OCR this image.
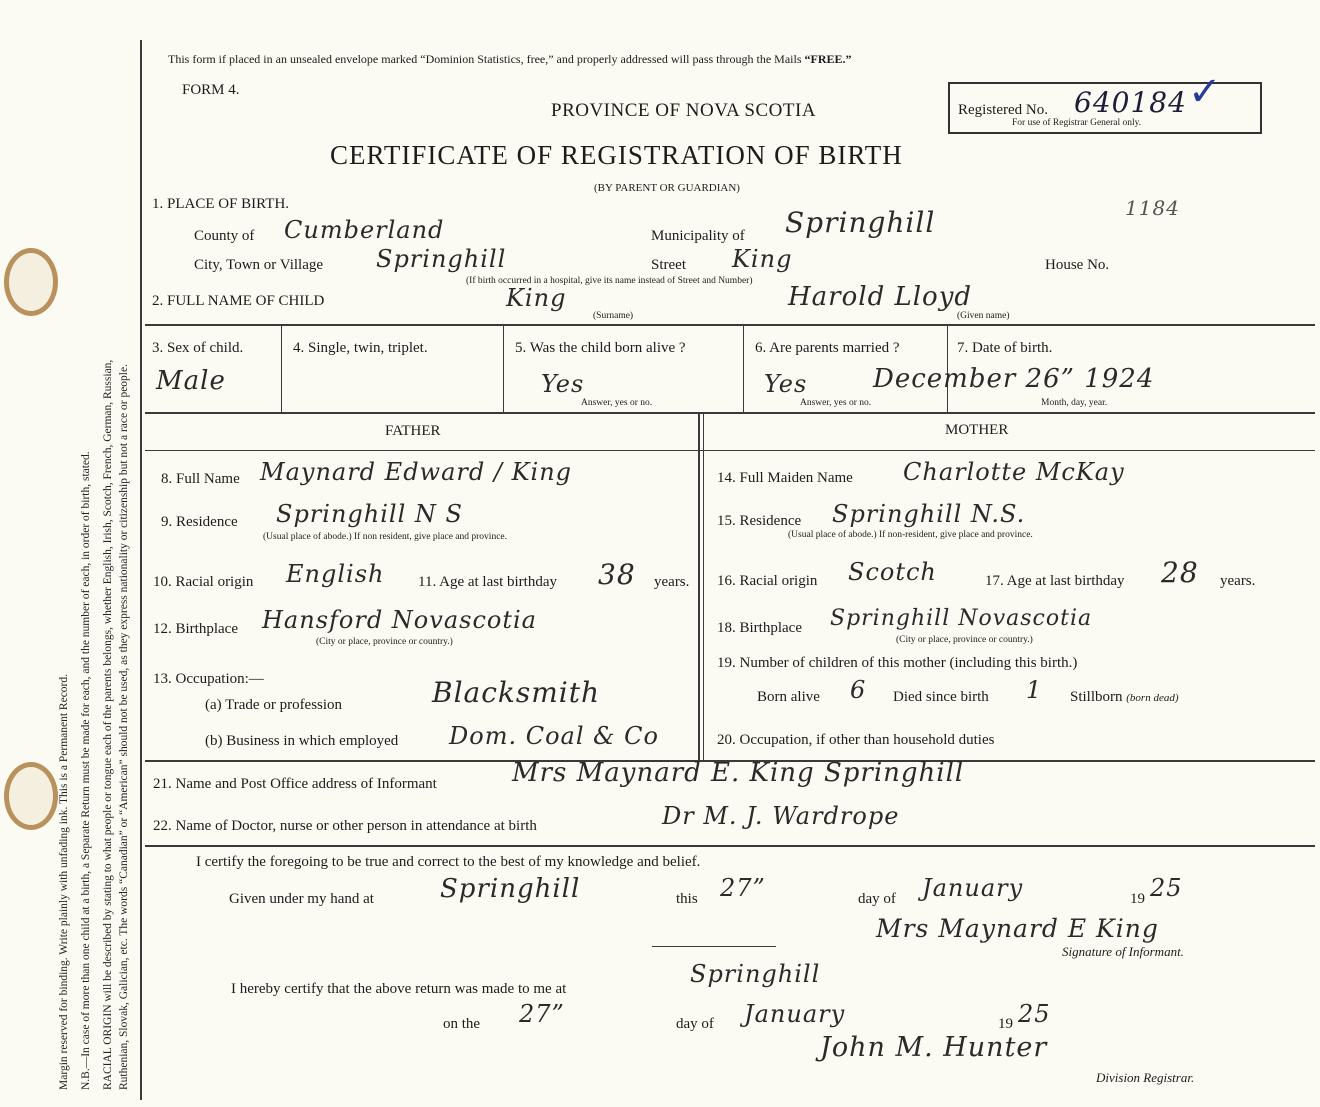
Margin reserved for binding. Write plainly with unfading ink. This is a Permanent Record. N.B.—In case of more than one child at a birth, a Separate Return must be made for each, and the number of each, in order of birth, stated. RACIAL ORIGIN will be described by stating to what people or tongue each of the parents belongs, whether English, Irish, Scotch, French, German, Russian, Ruthenian, Slovak, Galician, etc. The words “Canadian” or “American” should not be used, as they express nationality or citizenship but not a race or people.
This form if placed in an unsealed envelope marked “Dominion Statistics, free,” and properly addressed will pass through the Mails “FREE.”
FORM 4.
PROVINCE OF NOVA SCOTIA
CERTIFICATE OF REGISTRATION OF BIRTH
(BY PARENT OR GUARDIAN)
Registered No. 640184
For use of Registrar General only.
✓
1. PLACE OF BIRTH.	1184
County of Cumberland	Municipality of Springhill
City, Town or Village Springhill	Street King	House No.
(If birth occurred in a hospital, give its name instead of Street and Number)
2. FULL NAME OF CHILD	King
(Surname)
Harold Lloyd
(Given name)
3. Sex of child.
Male
4. Single, twin, triplet.	5. Was the child born alive ?
Yes
Answer, yes or no.
6. Are parents married ?
Yes
Answer, yes or no.
7. Date of birth.
December 26” 1924
Month, day, year.
FATHER	MOTHER
8. Full Name Maynard Edward / King
9. Residence Springhill N S
(Usual place of abode.) If non resident, give place and province.
10. Racial origin English 11. Age at last birthday 38 years.
12. Birthplace Hansford Novascotia
(City or place, province or country.)
13. Occupation:—
(a) Trade or profession	Blacksmith
(b) Business in which employed Dom. Coal & Co
14. Full Maiden Name Charlotte McKay
15. Residence Springhill N.S.
(Usual place of abode.) If non-resident, give place and province.
16. Racial origin Scotch	17. Age at last birthday 28 years.
18. Birthplace Springhill Novascotia
(City or place, province or country.)
19. Number of children of this mother (including this birth.)
Born alive 6 Died since birth 1 Stillborn (born dead)
20. Occupation, if other than household duties
21. Name and Post Office address of Informant	Mrs Maynard E. King Springhill
22. Name of Doctor, nurse or other person in attendance at birth	Dr M. J. Wardrope
I certify the foregoing to be true and correct to the best of my knowledge and belief.
Given under my hand at	Springhill	this 27”	day of January	19 25
Mrs Maynard E King
Signature of Informant.
I hereby certify that the above return was made to me at
Springhill
on the 27”	day of January	19 25
John M. Hunter
Division Registrar.
